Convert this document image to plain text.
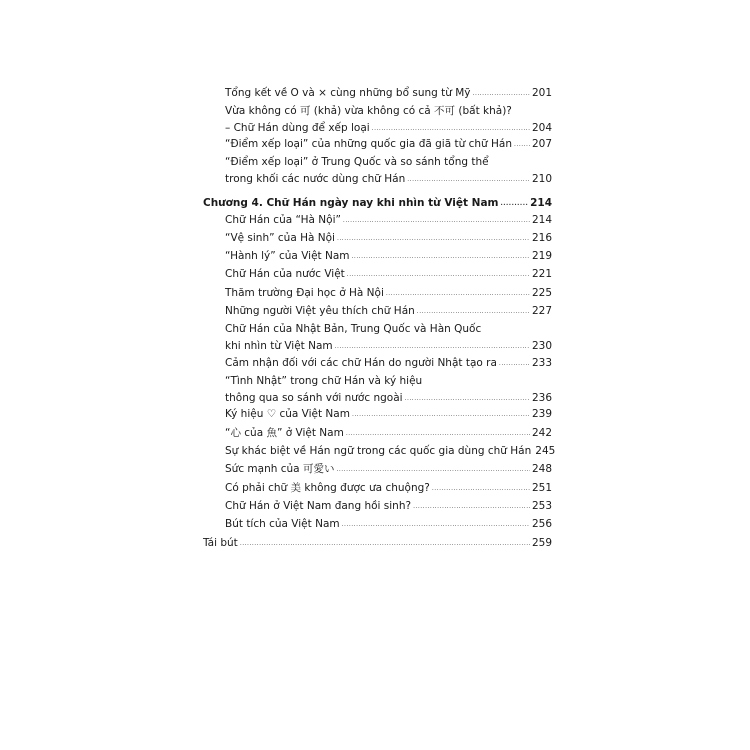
Tổng kết về O và × cùng những bổ sung từ Mỹ .....	201
Vừa không có 可 (khả) vừa không có cả 不可 (bất khả)?
– Chữ Hán dùng để xếp loại .....	204
“Điểm xếp loại” của những quốc gia đã giã từ chữ Hán ..... 207
“Điểm xếp loại” ở Trung Quốc và so sánh tổng thể
trong khối các nước dùng chữ Hán .....	210
Chương 4. Chữ Hán ngày nay khi nhìn từ Việt Nam .....	214
Chữ Hán của “Hà Nội” .....	214
“Vệ sinh” của Hà Nội .....	216
“Hành lý” của Việt Nam .....	219
Chữ Hán của nước Việt .....	221
Thăm trường Đại học ở Hà Nội .....	225
Những người Việt yêu thích chữ Hán .....	227
Chữ Hán của Nhật Bản, Trung Quốc và Hàn Quốc
khi nhìn từ Việt Nam .....	230
Cảm nhận đối với các chữ Hán do người Nhật tạo ra .....	233
“Tình Nhật” trong chữ Hán và ký hiệu
thông qua so sánh với nước ngoài .....	236
Ký hiệu ♡ của Việt Nam .....	239
“心 của 魚” ở Việt Nam .....	242
Sự khác biệt về Hán ngữ trong các quốc gia dùng chữ Hán 245
Sức mạnh của 可愛い .....	248
Có phải chữ 美 không được ưa chuộng? .....	251
Chữ Hán ở Việt Nam đang hồi sinh? .....	253
Bút tích của Việt Nam .....	256
Tái bút .....	259
